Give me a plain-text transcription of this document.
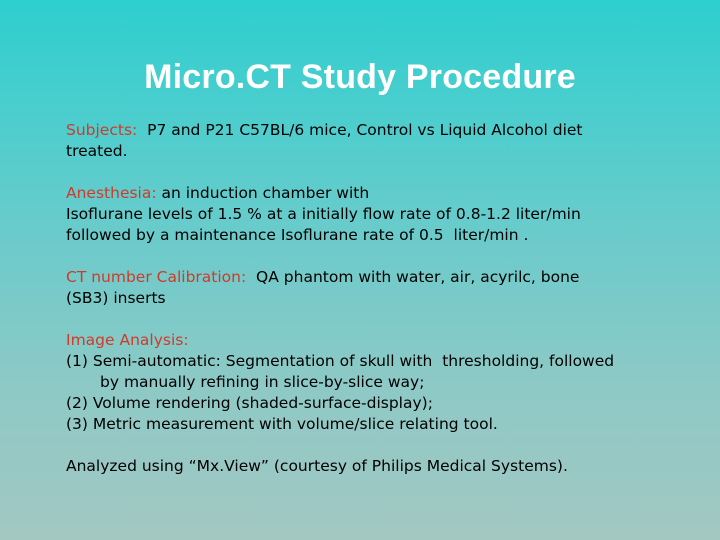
Micro.CT Study Procedure

Subjects:  P7 and P21 C57BL/6 mice, Control vs Liquid Alcohol diet
treated.

Anesthesia: an induction chamber with
Isoflurane levels of 1.5 % at a initially flow rate of 0.8-1.2 liter/min
followed by a maintenance Isoflurane rate of 0.5  liter/min .

CT number Calibration:  QA phantom with water, air, acyrilc, bone
(SB3) inserts

Image Analysis:
(1) Semi-automatic: Segmentation of skull with  thresholding, followed
by manually refining in slice-by-slice way;
(2) Volume rendering (shaded-surface-display);
(3) Metric measurement with volume/slice relating tool.

Analyzed using “Mx.View” (courtesy of Philips Medical Systems).
